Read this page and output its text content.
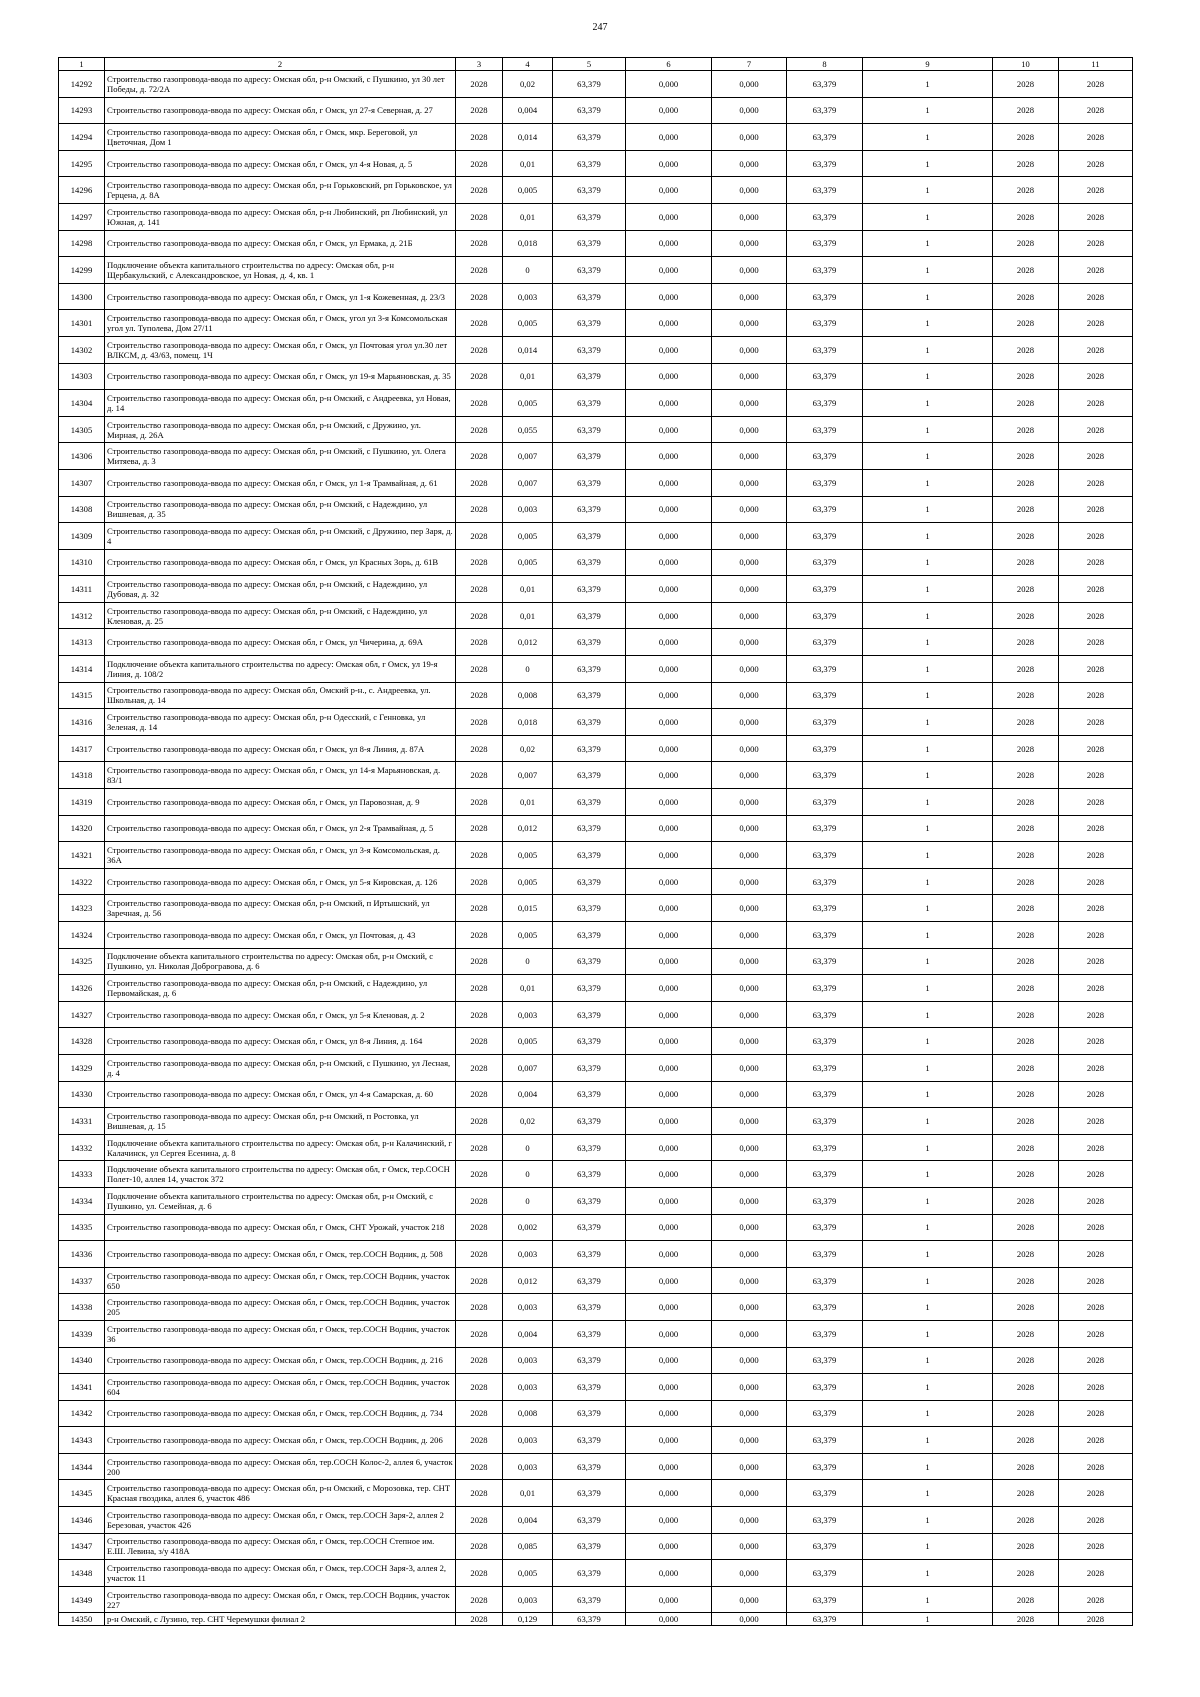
247
1	2	3	4	5	6	7	8	9	10	11
14292	Строительство газопровода-ввода по адресу: Омская обл, р-н Омский, с Пушкино, ул 30 лет Победы, д. 72/2А	2028	0,02	63,379	0,000	0,000	63,379	1	2028	2028
14293	Строительство газопровода-ввода по адресу: Омская обл, г Омск, ул 27-я Северная, д. 27	2028	0,004	63,379	0,000	0,000	63,379	1	2028	2028
14294	Строительство газопровода-ввода по адресу: Омская обл, г Омск, мкр. Береговой, ул Цветочная, Дом 1	2028	0,014	63,379	0,000	0,000	63,379	1	2028	2028
14295	Строительство газопровода-ввода по адресу: Омская обл, г Омск, ул 4-я Новая, д. 5	2028	0,01	63,379	0,000	0,000	63,379	1	2028	2028
14296	Строительство газопровода-ввода по адресу: Омская обл, р-н Горьковский, рп Горьковское, ул Герцена, д. 8А	2028	0,005	63,379	0,000	0,000	63,379	1	2028	2028
14297	Строительство газопровода-ввода по адресу: Омская обл, р-н Любинский, рп Любинский, ул Южная, д. 141	2028	0,01	63,379	0,000	0,000	63,379	1	2028	2028
14298	Строительство газопровода-ввода по адресу: Омская обл, г Омск, ул Ермака, д. 21Б	2028	0,018	63,379	0,000	0,000	63,379	1	2028	2028
14299	Подключение объекта капитального строительства по адресу: Омская обл, р-н Щербакульский, с Александровское, ул Новая, д. 4, кв. 1	2028	0	63,379	0,000	0,000	63,379	1	2028	2028
14300	Строительство газопровода-ввода по адресу: Омская обл, г Омск, ул 1-я Кожевенная, д. 23/3	2028	0,003	63,379	0,000	0,000	63,379	1	2028	2028
14301	Строительство газопровода-ввода по адресу: Омская обл, г Омск, угол ул 3-я Комсомольская угол ул. Туполева, Дом 27/11	2028	0,005	63,379	0,000	0,000	63,379	1	2028	2028
14302	Строительство газопровода-ввода по адресу: Омская обл, г Омск, ул Почтовая угол ул.30 лет ВЛКСМ, д. 43/63, помещ. 1Ч	2028	0,014	63,379	0,000	0,000	63,379	1	2028	2028
14303	Строительство газопровода-ввода по адресу: Омская обл, г Омск, ул 19-я Марьяновская, д. 35	2028	0,01	63,379	0,000	0,000	63,379	1	2028	2028
14304	Строительство газопровода-ввода по адресу: Омская обл, р-н Омский, с Андреевка, ул Новая, д. 14	2028	0,005	63,379	0,000	0,000	63,379	1	2028	2028
14305	Строительство газопровода-ввода по адресу: Омская обл, р-н Омский, с Дружино, ул. Мирная, д. 26А	2028	0,055	63,379	0,000	0,000	63,379	1	2028	2028
14306	Строительство газопровода-ввода по адресу: Омская обл, р-н Омский, с Пушкино, ул. Олега Митяева, д. 3	2028	0,007	63,379	0,000	0,000	63,379	1	2028	2028
14307	Строительство газопровода-ввода по адресу: Омская обл, г Омск, ул 1-я Трамвайная, д. 61	2028	0,007	63,379	0,000	0,000	63,379	1	2028	2028
14308	Строительство газопровода-ввода по адресу: Омская обл, р-н Омский, с Надеждино, ул Вишневая, д. 35	2028	0,003	63,379	0,000	0,000	63,379	1	2028	2028
14309	Строительство газопровода-ввода по адресу: Омская обл, р-н Омский, с Дружино, пер Заря, д. 4	2028	0,005	63,379	0,000	0,000	63,379	1	2028	2028
14310	Строительство газопровода-ввода по адресу: Омская обл, г Омск, ул Красных Зорь, д. 61В	2028	0,005	63,379	0,000	0,000	63,379	1	2028	2028
14311	Строительство газопровода-ввода по адресу: Омская обл, р-н Омский, с Надеждино, ул Дубовая, д. 32	2028	0,01	63,379	0,000	0,000	63,379	1	2028	2028
14312	Строительство газопровода-ввода по адресу: Омская обл, р-н Омский, с Надеждино, ул Кленовая, д. 25	2028	0,01	63,379	0,000	0,000	63,379	1	2028	2028
14313	Строительство газопровода-ввода по адресу: Омская обл, г Омск, ул Чичерина, д. 69А	2028	0,012	63,379	0,000	0,000	63,379	1	2028	2028
14314	Подключение объекта капитального строительства по адресу: Омская обл, г Омск, ул 19-я Линия, д. 108/2	2028	0	63,379	0,000	0,000	63,379	1	2028	2028
14315	Строительство газопровода-ввода по адресу: Омская обл, Омский р-н., с. Андреевка, ул. Школьная, д. 14	2028	0,008	63,379	0,000	0,000	63,379	1	2028	2028
14316	Строительство газопровода-ввода по адресу: Омская обл, р-н Одесский, с Генновка, ул Зеленая, д. 14	2028	0,018	63,379	0,000	0,000	63,379	1	2028	2028
14317	Строительство газопровода-ввода по адресу: Омская обл, г Омск, ул 8-я Линия, д. 87А	2028	0,02	63,379	0,000	0,000	63,379	1	2028	2028
14318	Строительство газопровода-ввода по адресу: Омская обл, г Омск, ул 14-я Марьяновская, д. 83/1	2028	0,007	63,379	0,000	0,000	63,379	1	2028	2028
14319	Строительство газопровода-ввода по адресу: Омская обл, г Омск, ул Паровозная, д. 9	2028	0,01	63,379	0,000	0,000	63,379	1	2028	2028
14320	Строительство газопровода-ввода по адресу: Омская обл, г Омск, ул 2-я Трамвайная, д. 5	2028	0,012	63,379	0,000	0,000	63,379	1	2028	2028
14321	Строительство газопровода-ввода по адресу: Омская обл, г Омск, ул 3-я Комсомольская, д. 36А	2028	0,005	63,379	0,000	0,000	63,379	1	2028	2028
14322	Строительство газопровода-ввода по адресу: Омская обл, г Омск, ул 5-я Кировская, д. 126	2028	0,005	63,379	0,000	0,000	63,379	1	2028	2028
14323	Строительство газопровода-ввода по адресу: Омская обл, р-н Омский, п Иртышский, ул Заречная, д. 56	2028	0,015	63,379	0,000	0,000	63,379	1	2028	2028
14324	Строительство газопровода-ввода по адресу: Омская обл, г Омск, ул Почтовая, д. 43	2028	0,005	63,379	0,000	0,000	63,379	1	2028	2028
14325	Подключение объекта капитального строительства по адресу: Омская обл, р-н Омский, с Пушкино, ул. Николая Доброгравова, д. 6	2028	0	63,379	0,000	0,000	63,379	1	2028	2028
14326	Строительство газопровода-ввода по адресу: Омская обл, р-н Омский, с Надеждино, ул Первомайская, д. 6	2028	0,01	63,379	0,000	0,000	63,379	1	2028	2028
14327	Строительство газопровода-ввода по адресу: Омская обл, г Омск, ул 5-я Кленовая, д. 2	2028	0,003	63,379	0,000	0,000	63,379	1	2028	2028
14328	Строительство газопровода-ввода по адресу: Омская обл, г Омск, ул 8-я Линия, д. 164	2028	0,005	63,379	0,000	0,000	63,379	1	2028	2028
14329	Строительство газопровода-ввода по адресу: Омская обл, р-н Омский, с Пушкино, ул Лесная, д. 4	2028	0,007	63,379	0,000	0,000	63,379	1	2028	2028
14330	Строительство газопровода-ввода по адресу: Омская обл, г Омск, ул 4-я Самарская, д. 60	2028	0,004	63,379	0,000	0,000	63,379	1	2028	2028
14331	Строительство газопровода-ввода по адресу: Омская обл, р-н Омский, п Ростовка, ул Вишневая, д. 15	2028	0,02	63,379	0,000	0,000	63,379	1	2028	2028
14332	Подключение объекта капитального строительства по адресу: Омская обл, р-н Калачинский, г Калачинск, ул Сергея Есенина, д. 8	2028	0	63,379	0,000	0,000	63,379	1	2028	2028
14333	Подключение объекта капитального строительства по адресу: Омская обл, г Омск, тер.СОСН Полет-10, аллея 14, участок 372	2028	0	63,379	0,000	0,000	63,379	1	2028	2028
14334	Подключение объекта капитального строительства по адресу: Омская обл, р-н Омский, с Пушкино, ул. Семейная, д. 6	2028	0	63,379	0,000	0,000	63,379	1	2028	2028
14335	Строительство газопровода-ввода по адресу: Омская обл, г Омск, СНТ Урожай, участок 218	2028	0,002	63,379	0,000	0,000	63,379	1	2028	2028
14336	Строительство газопровода-ввода по адресу: Омская обл, г Омск, тер.СОСН Водник, д. 508	2028	0,003	63,379	0,000	0,000	63,379	1	2028	2028
14337	Строительство газопровода-ввода по адресу: Омская обл, г Омск, тер.СОСН Водник, участок 650	2028	0,012	63,379	0,000	0,000	63,379	1	2028	2028
14338	Строительство газопровода-ввода по адресу: Омская обл, г Омск, тер.СОСН Водник, участок 205	2028	0,003	63,379	0,000	0,000	63,379	1	2028	2028
14339	Строительство газопровода-ввода по адресу: Омская обл, г Омск, тер.СОСН Водник, участок 36	2028	0,004	63,379	0,000	0,000	63,379	1	2028	2028
14340	Строительство газопровода-ввода по адресу: Омская обл, г Омск, тер.СОСН Водник, д. 216	2028	0,003	63,379	0,000	0,000	63,379	1	2028	2028
14341	Строительство газопровода-ввода по адресу: Омская обл, г Омск, тер.СОСН Водник, участок 604	2028	0,003	63,379	0,000	0,000	63,379	1	2028	2028
14342	Строительство газопровода-ввода по адресу: Омская обл, г Омск, тер.СОСН Водник, д. 734	2028	0,008	63,379	0,000	0,000	63,379	1	2028	2028
14343	Строительство газопровода-ввода по адресу: Омская обл, г Омск, тер.СОСН Водник, д. 206	2028	0,003	63,379	0,000	0,000	63,379	1	2028	2028
14344	Строительство газопровода-ввода по адресу: Омская обл, тер.СОСН Колос-2, аллея 6, участок 200	2028	0,003	63,379	0,000	0,000	63,379	1	2028	2028
14345	Строительство газопровода-ввода по адресу: Омская обл, р-н Омский, с Морозовка, тер. СНТ Красная гвоздика, аллея 6, участок 486	2028	0,01	63,379	0,000	0,000	63,379	1	2028	2028
14346	Строительство газопровода-ввода по адресу: Омская обл, г Омск, тер.СОСН Заря-2, аллея 2 Березовая, участок 426	2028	0,004	63,379	0,000	0,000	63,379	1	2028	2028
14347	Строительство газопровода-ввода по адресу: Омская обл, г Омск, тер.СОСН Степное им. Е.Ш. Левина, з/у 418А	2028	0,085	63,379	0,000	0,000	63,379	1	2028	2028
14348	Строительство газопровода-ввода по адресу: Омская обл, г Омск, тер.СОСН Заря-3, аллея 2, участок 11	2028	0,005	63,379	0,000	0,000	63,379	1	2028	2028
14349	Строительство газопровода-ввода по адресу: Омская обл, г Омск, тер.СОСН Водник, участок 227	2028	0,003	63,379	0,000	0,000	63,379	1	2028	2028
14350	р-н Омский, с Лузино, тер. СНТ Черемушки филиал 2	2028	0,129	63,379	0,000	0,000	63,379	1	2028	2028
